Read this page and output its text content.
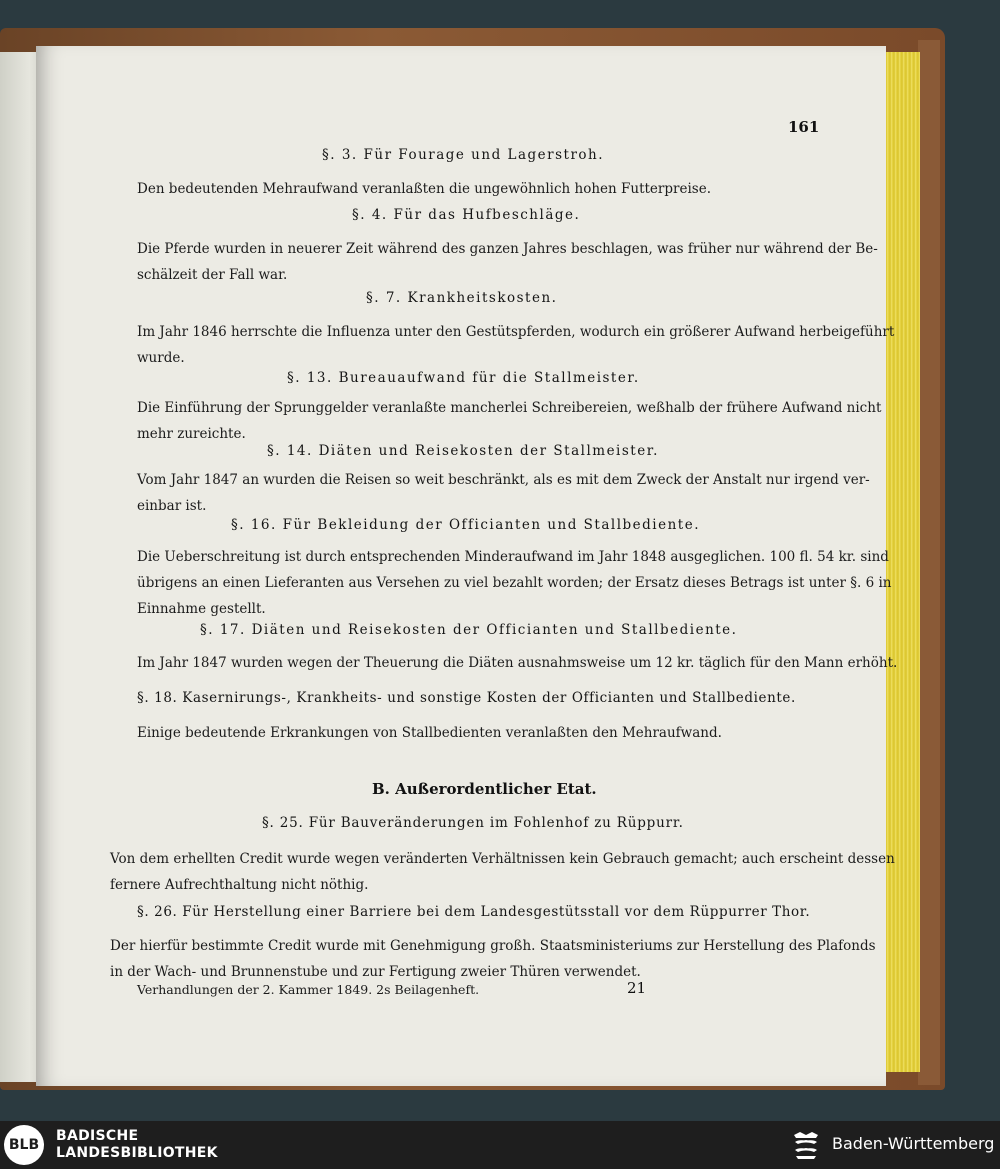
161
§. 3. Für Fourage und Lagerstroh.
Den bedeutenden Mehraufwand veranlaßten die ungewöhnlich hohen Futterpreise.
§. 4. Für das Hufbeschläge.
Die Pferde wurden in neuerer Zeit während des ganzen Jahres beschlagen, was früher nur während der Be-
schälzeit der Fall war.
§. 7. Krankheitskosten.
Im Jahr 1846 herrschte die Influenza unter den Gestütspferden, wodurch ein größerer Aufwand herbeigeführt
wurde.
§. 13. Bureauaufwand für die Stallmeister.
Die Einführung der Sprunggelder veranlaßte mancherlei Schreibereien, weßhalb der frühere Aufwand nicht
mehr zureichte.
§. 14. Diäten und Reisekosten der Stallmeister.
Vom Jahr 1847 an wurden die Reisen so weit beschränkt, als es mit dem Zweck der Anstalt nur irgend ver-
einbar ist.
§. 16. Für Bekleidung der Officianten und Stallbediente.
Die Ueberschreitung ist durch entsprechenden Minderaufwand im Jahr 1848 ausgeglichen. 100 fl. 54 kr. sind
übrigens an einen Lieferanten aus Versehen zu viel bezahlt worden; der Ersatz dieses Betrags ist unter §. 6 in
Einnahme gestellt.
§. 17. Diäten und Reisekosten der Officianten und Stallbediente.
Im Jahr 1847 wurden wegen der Theuerung die Diäten ausnahmsweise um 12 kr. täglich für den Mann erhöht.
§. 18. Kasernirungs-, Krankheits- und sonstige Kosten der Officianten und Stallbediente.
Einige bedeutende Erkrankungen von Stallbedienten veranlaßten den Mehraufwand.
B. Außerordentlicher Etat.
§. 25. Für Bauveränderungen im Fohlenhof zu Rüppurr.
Von dem erhellten Credit wurde wegen veränderten Verhältnissen kein Gebrauch gemacht; auch erscheint dessen
fernere Aufrechthaltung nicht nöthig.
§. 26. Für Herstellung einer Barriere bei dem Landesgestütsstall vor dem Rüppurrer Thor.
Der hierfür bestimmte Credit wurde mit Genehmigung großh. Staatsministeriums zur Herstellung des Plafonds
in der Wach- und Brunnenstube und zur Fertigung zweier Thüren verwendet.
Verhandlungen der 2. Kammer 1849. 2s Beilagenheft.	21
BLB
BADISCHE
LANDESBIBLIOTHEK	Baden-Württemberg
